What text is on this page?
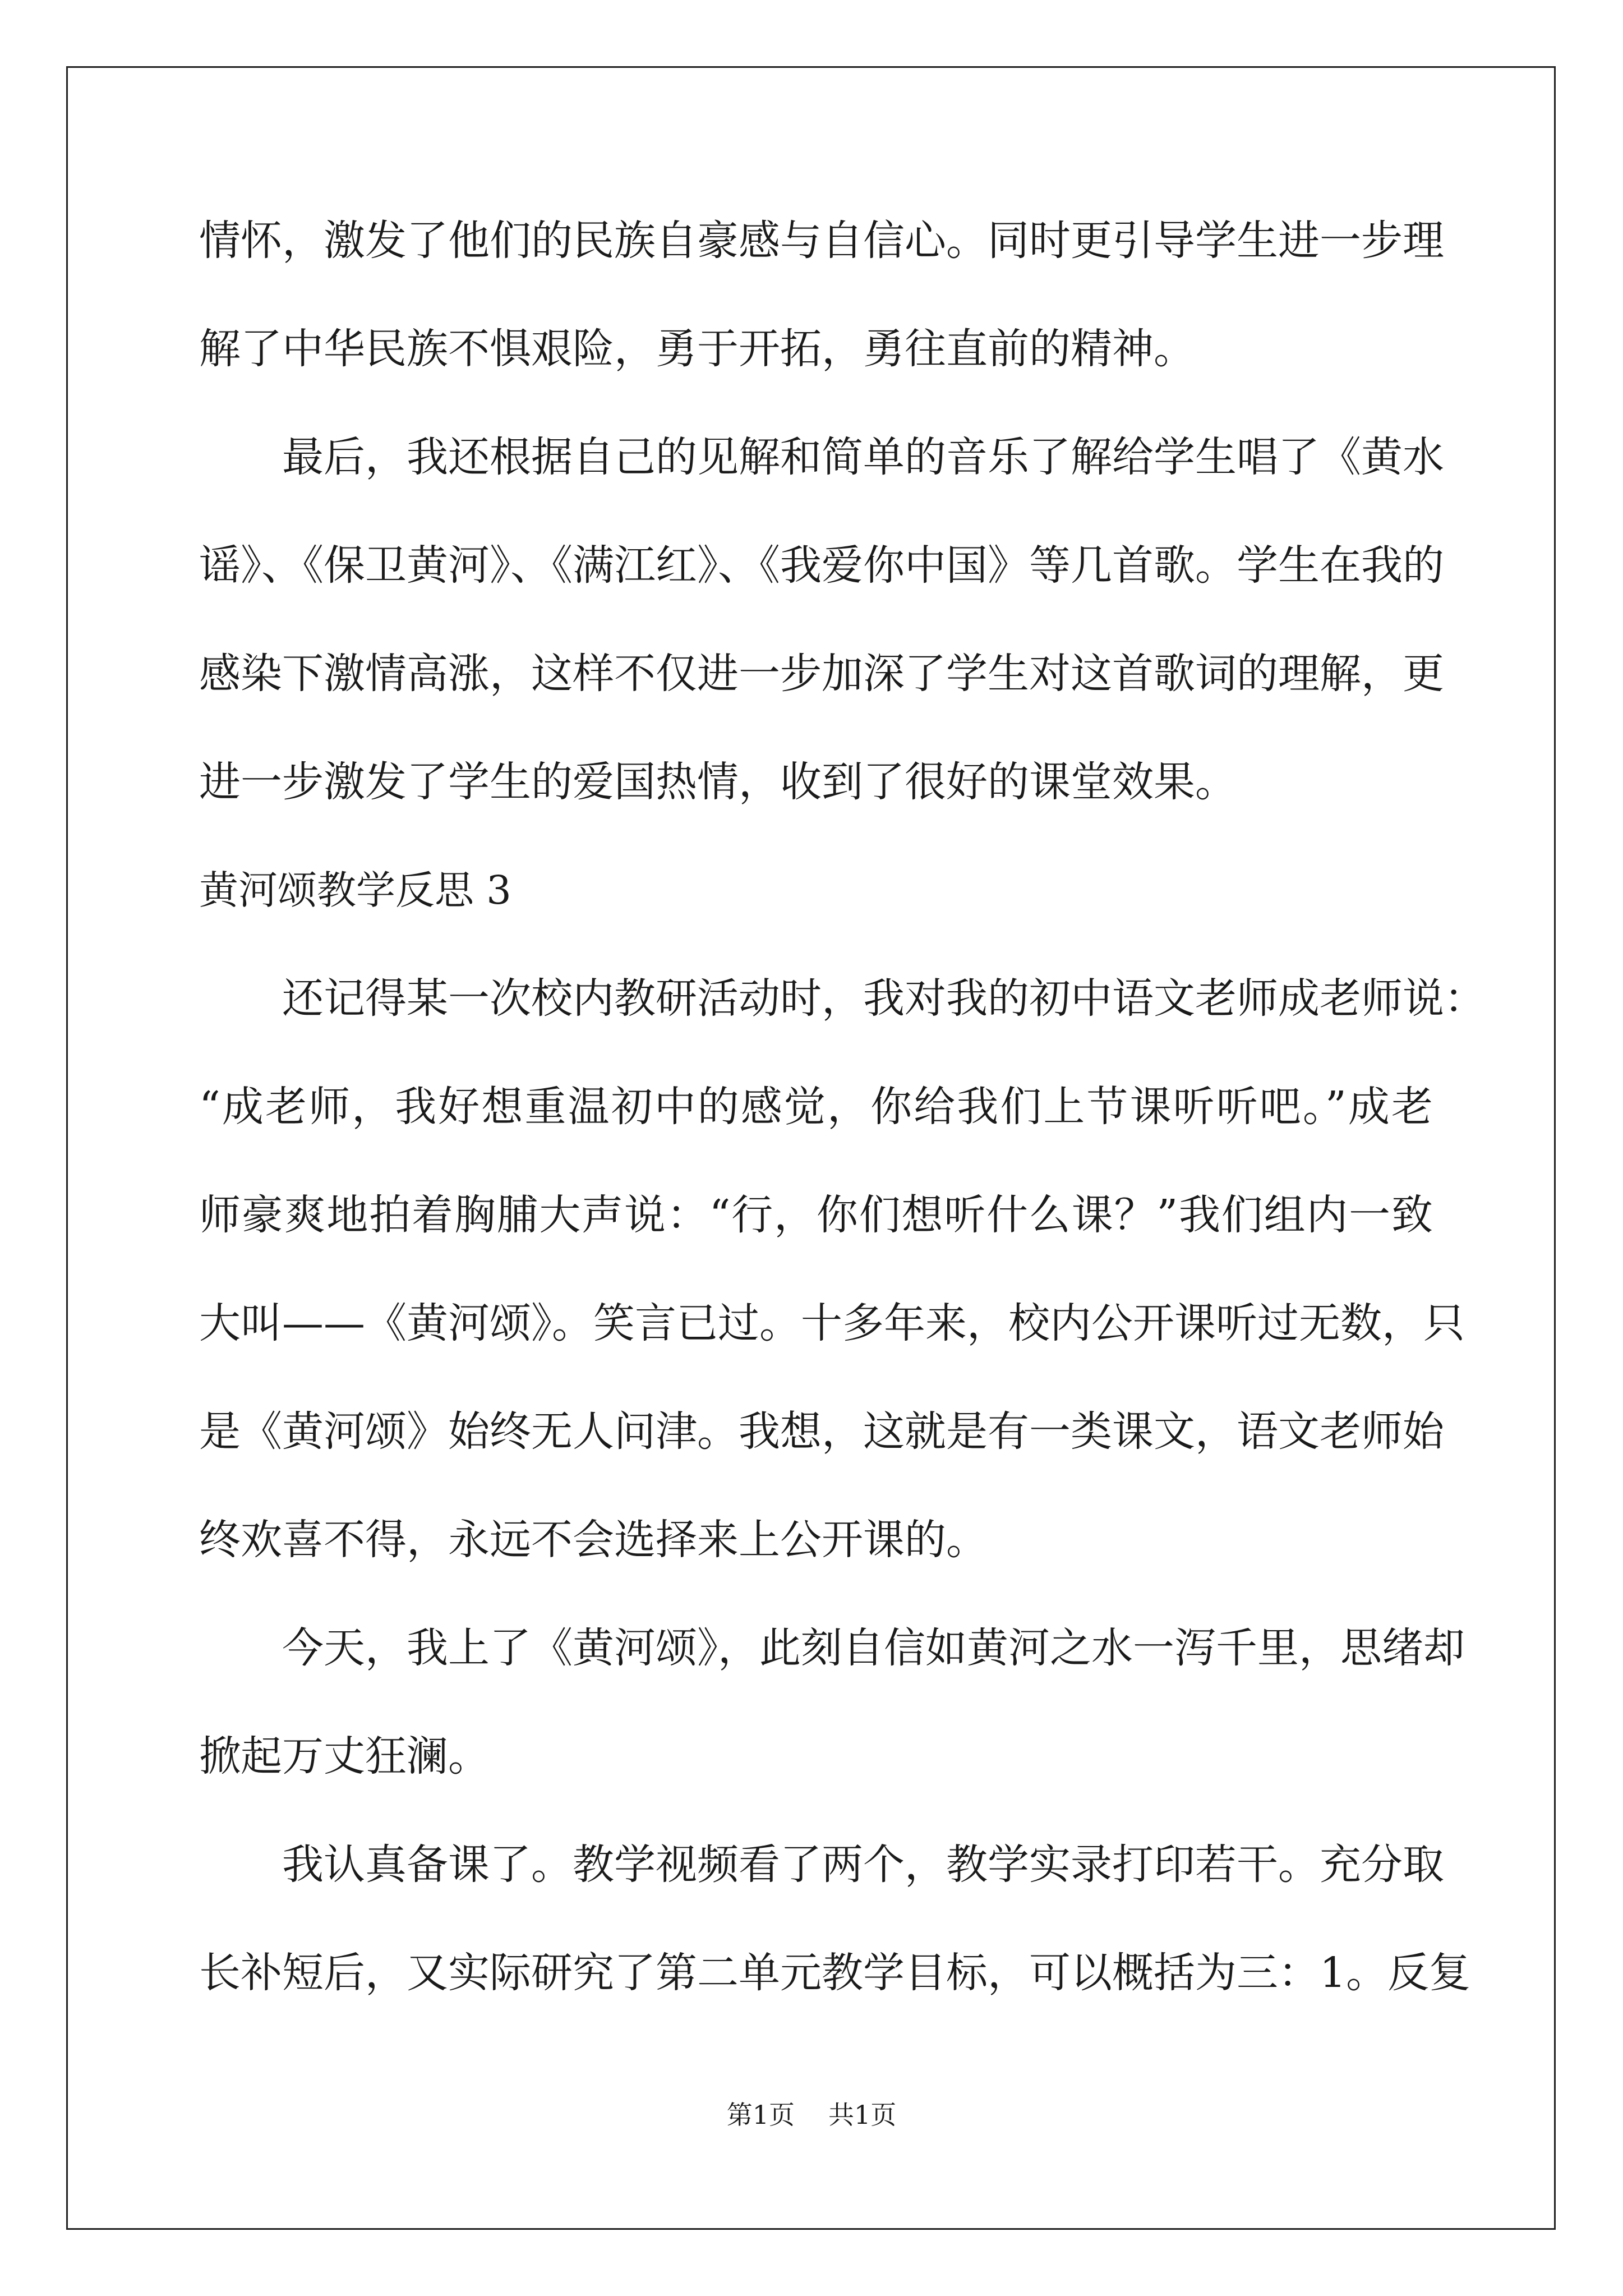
情怀，激发了他们的民族自豪感与自信心。同时更引导学生进一步理
解了中华民族不惧艰险，勇于开拓，勇往直前的精神。
最后，我还根据自己的见解和简单的音乐了解给学生唱了《黄水
谣》、《保卫黄河》、《满江红》、《我爱你中国》等几首歌。学生在我的
感染下激情高涨，这样不仅进一步加深了学生对这首歌词的理解，更
进一步激发了学生的爱国热情，收到了很好的课堂效果。
黄河颂教学反思 3
还记得某一次校内教研活动时，我对我的初中语文老师成老师说：
“成老师，我好想重温初中的感觉，你给我们上节课听听吧。”成老
师豪爽地拍着胸脯大声说：“行，你们想听什么课？”我们组内一致
大叫——《黄河颂》。笑言已过。十多年来，校内公开课听过无数，只
是《黄河颂》始终无人问津。我想，这就是有一类课文，语文老师始
终欢喜不得，永远不会选择来上公开课的。
今天，我上了《黄河颂》，此刻自信如黄河之水一泻千里，思绪却
掀起万丈狂澜。
我认真备课了。教学视频看了两个，教学实录打印若干。充分取
长补短后，又实际研究了第二单元教学目标，可以概括为三：1。反复
第1页 共1页
